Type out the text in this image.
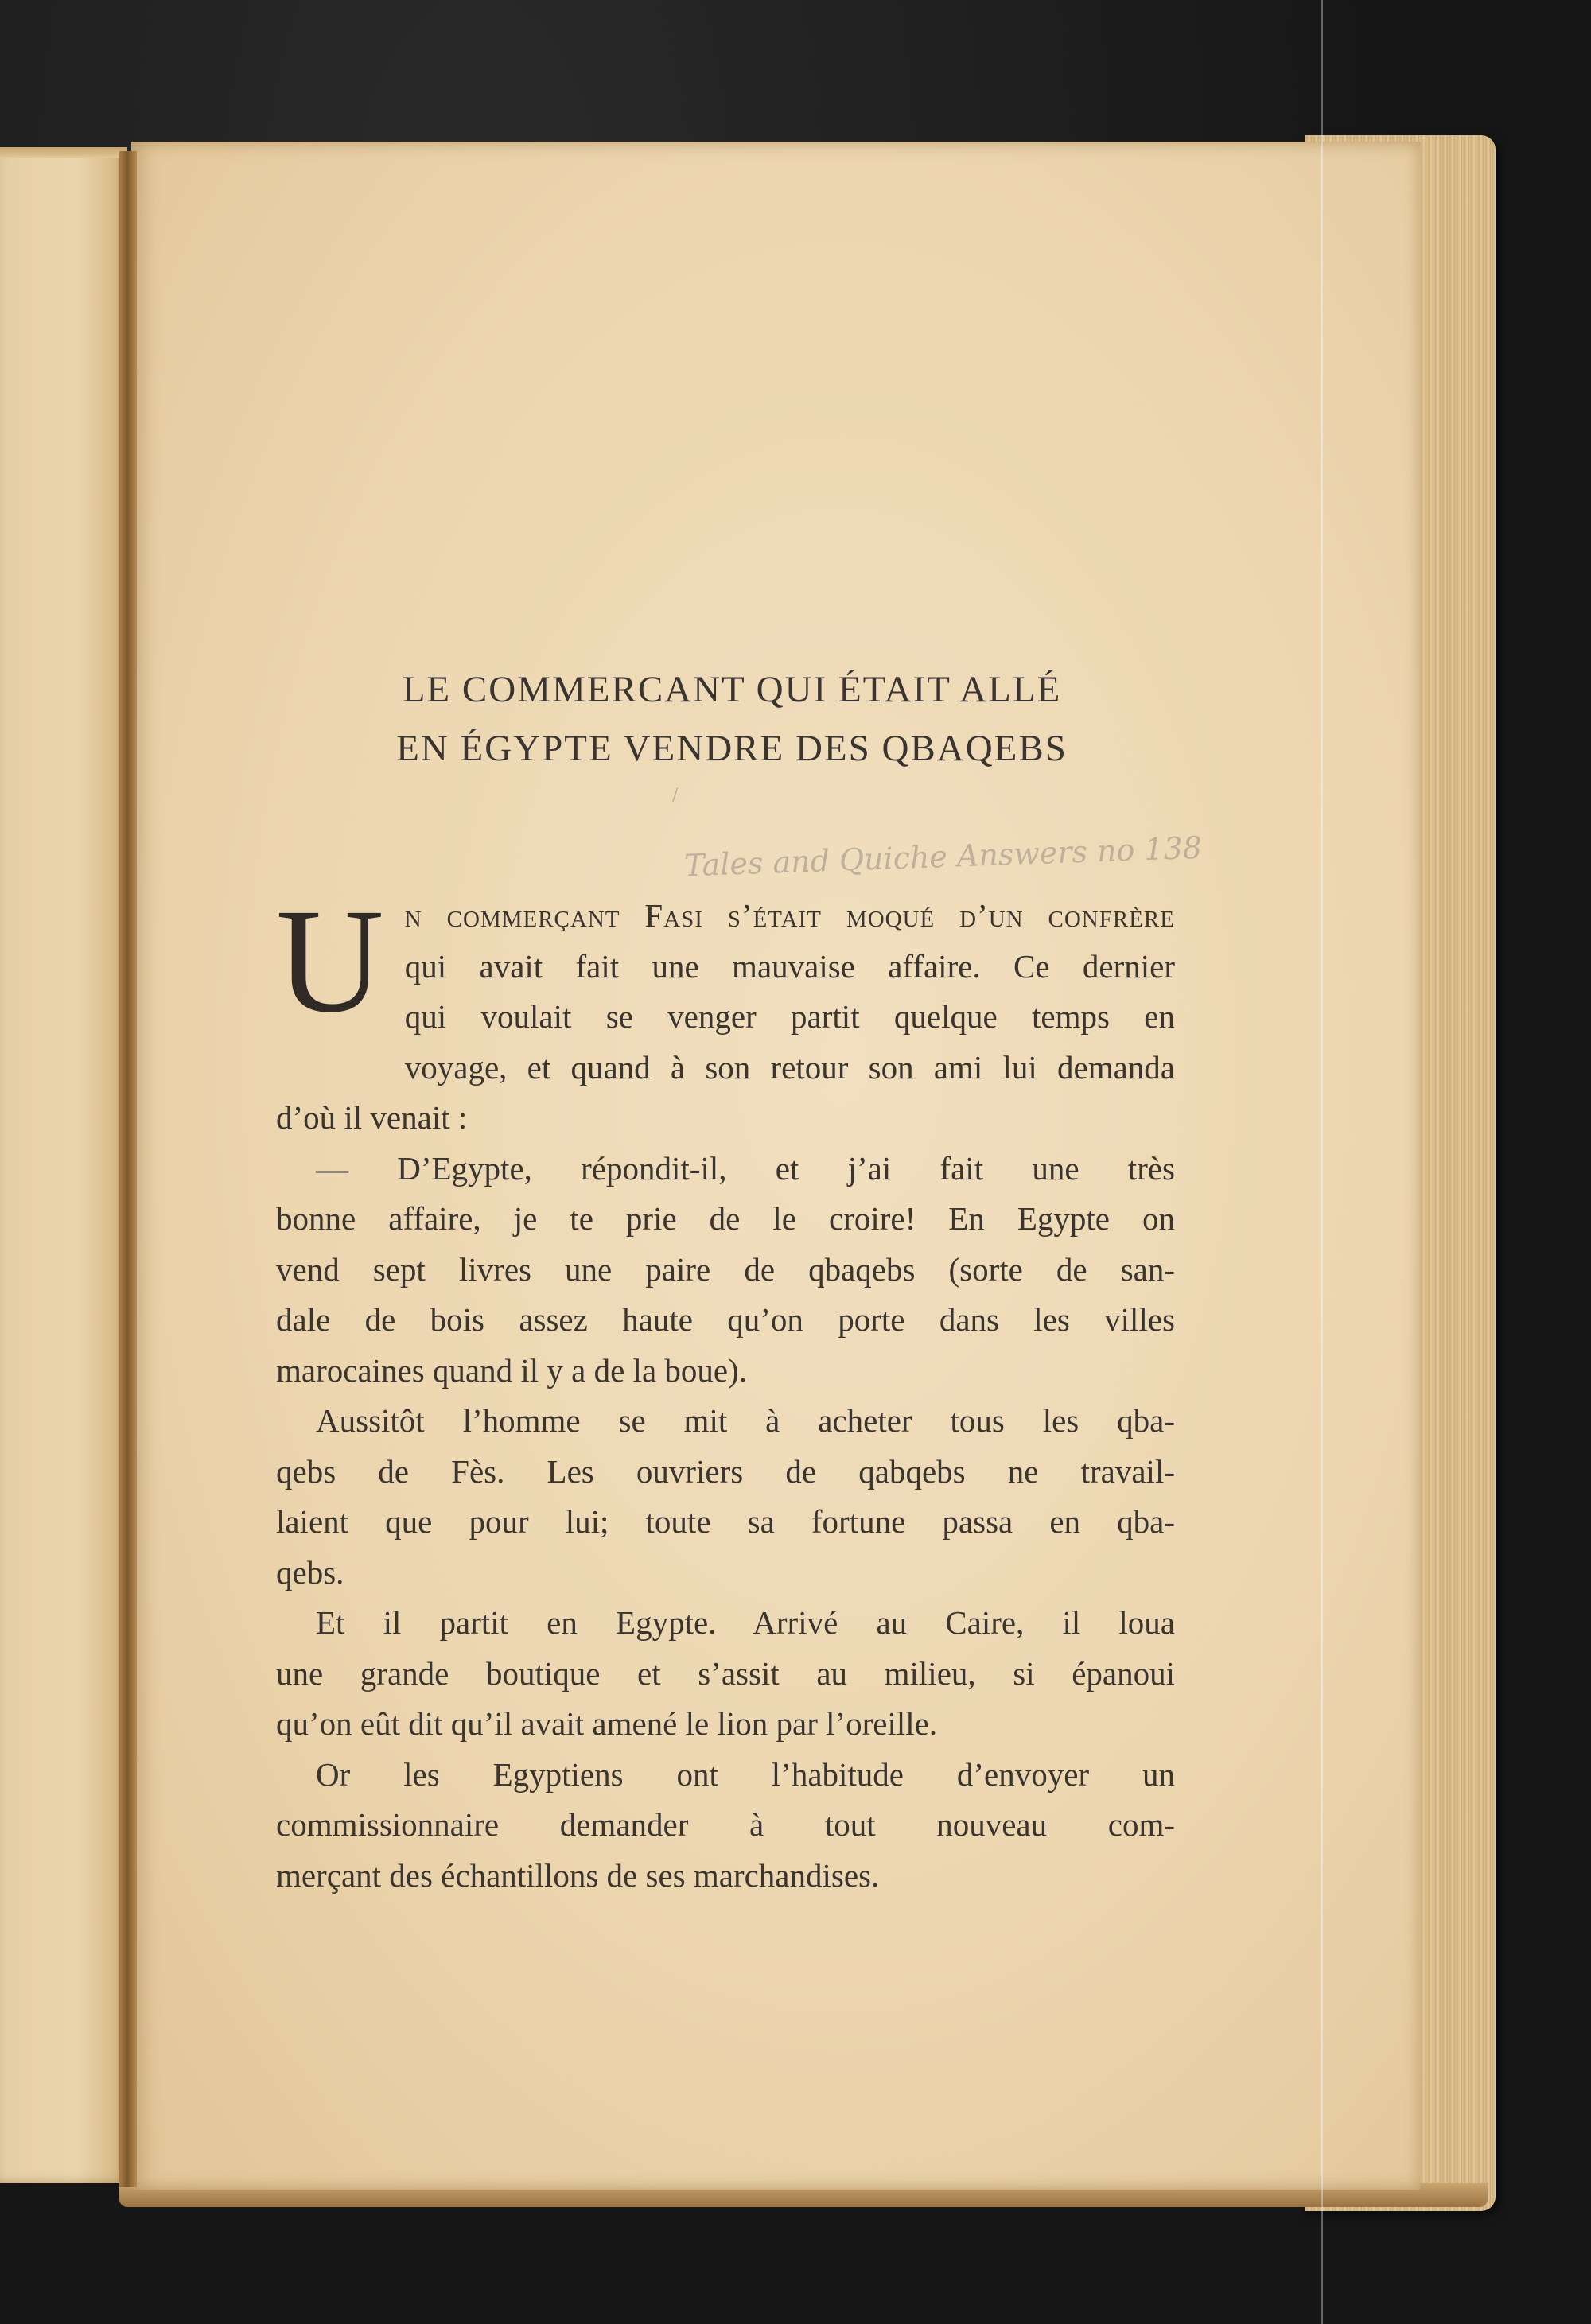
LE COMMERCANT QUI ÉTAIT ALLÉ
EN ÉGYPTE VENDRE DES QBAQEBS
/
Tales and Quiche Answers no 138
U n commerçant Fasi s’était moqué d’un confrère
qui avait fait une mauvaise affaire. Ce dernier
qui voulait se venger partit quelque temps en
voyage, et quand à son retour son ami lui demanda
d’où il venait :
— D’Egypte, répondit-il, et j’ai fait une très
bonne affaire, je te prie de le croire! En Egypte on
vend sept livres une paire de qbaqebs (sorte de san-
dale de bois assez haute qu’on porte dans les villes
marocaines quand il y a de la boue).
Aussitôt l’homme se mit à acheter tous les qba-
qebs de Fès. Les ouvriers de qabqebs ne travail-
laient que pour lui; toute sa fortune passa en qba-
qebs.
Et il partit en Egypte. Arrivé au Caire, il loua
une grande boutique et s’assit au milieu, si épanoui
qu’on eût dit qu’il avait amené le lion par l’oreille.
Or les Egyptiens ont l’habitude d’envoyer un
commissionnaire demander à tout nouveau com-
merçant des échantillons de ses marchandises.
